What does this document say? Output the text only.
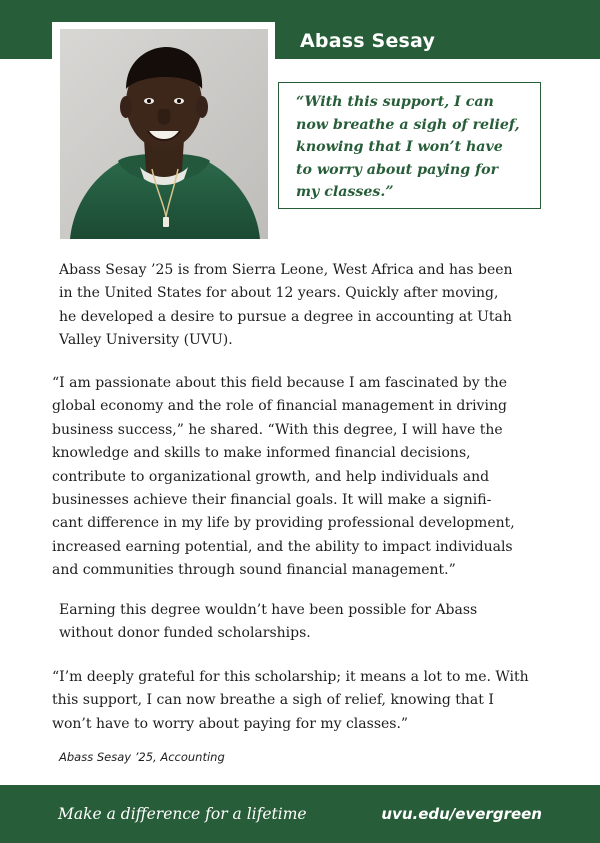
Abass Sesay

“With this support, I can
now breathe a sigh of relief,
knowing that I won’t have
to worry about paying for
my classes.”

Abass Sesay ’25 is from Sierra Leone, West Africa and has been
in the United States for about 12 years. Quickly after moving,
he developed a desire to pursue a degree in accounting at Utah
Valley University (UVU).

“I am passionate about this field because I am fascinated by the
global economy and the role of financial management in driving
business success,” he shared. “With this degree, I will have the
knowledge and skills to make informed financial decisions,
contribute to organizational growth, and help individuals and
businesses achieve their financial goals. It will make a signifi-
cant difference in my life by providing professional development,
increased earning potential, and the ability to impact individuals
and communities through sound financial management.”

Earning this degree wouldn’t have been possible for Abass
without donor funded scholarships.

“I’m deeply grateful for this scholarship; it means a lot to me. With
this support, I can now breathe a sigh of relief, knowing that I
won’t have to worry about paying for my classes.”

Abass Sesay ’25, Accounting
Make a difference for a lifetime	uvu.edu/evergreen
